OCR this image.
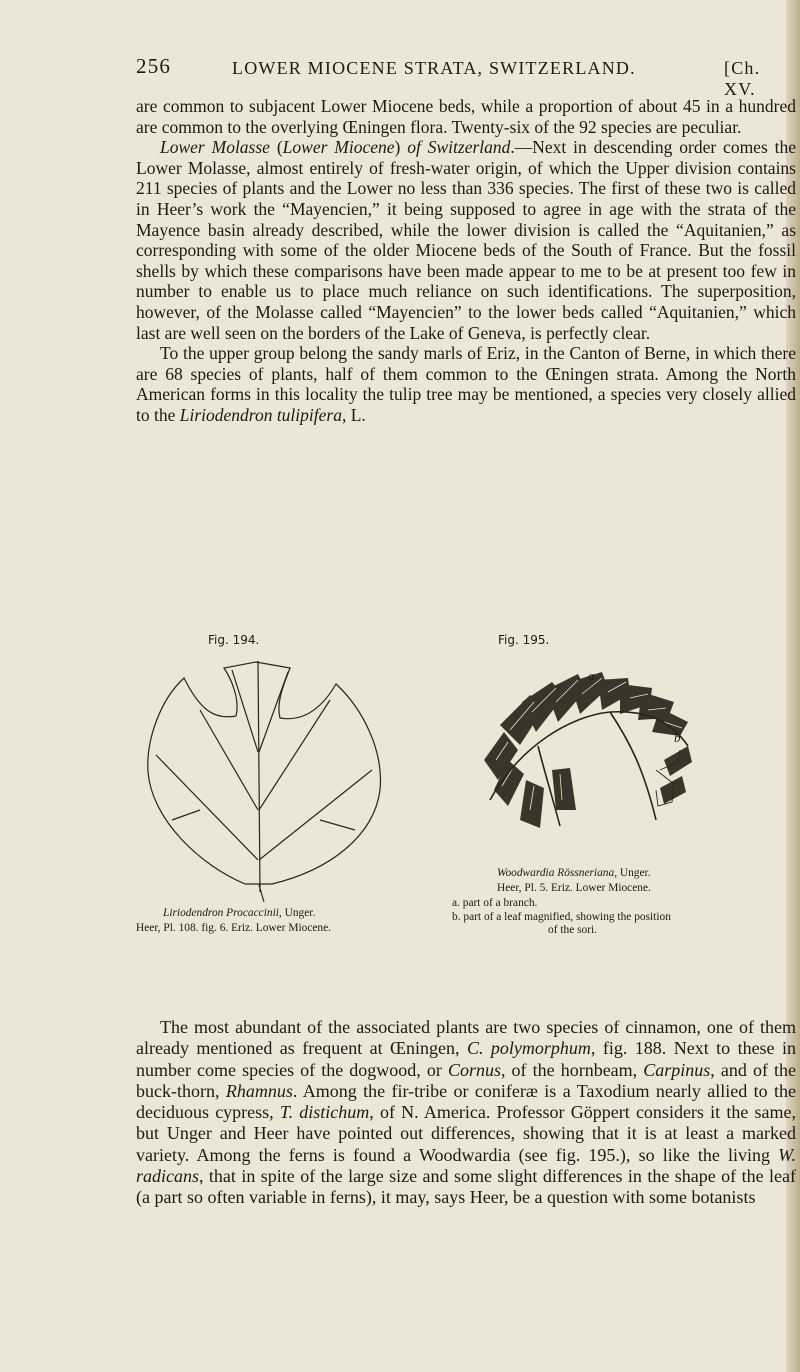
256	LOWER MIOCENE STRATA, SWITZERLAND.	[Ch. XV.

are common to subjacent Lower Miocene beds, while a proportion of about 45 in a hundred are common to the overlying Œningen flora. Twenty-six of the 92 species are peculiar.

Lower Molasse (Lower Miocene) of Switzerland.—Next in descending order comes the Lower Molasse, almost entirely of fresh-water origin, of which the Upper division contains 211 species of plants and the Lower no less than 336 species. The first of these two is called in Heer’s work the “Mayencien,” it being supposed to agree in age with the strata of the Mayence basin already described, while the lower division is called the “Aquitanien,” as corresponding with some of the older Miocene beds of the South of France. But the fossil shells by which these comparisons have been made appear to me to be at present too few in number to enable us to place much reliance on such identifications. The superposition, however, of the Molasse called “Mayencien” to the lower beds called “Aquitanien,” which last are well seen on the borders of the Lake of Geneva, is perfectly clear.

To the upper group belong the sandy marls of Eriz, in the Canton of Berne, in which there are 68 species of plants, half of them common to the Œningen strata. Among the North American forms in this locality the tulip tree may be mentioned, a species very closely allied to the Liriodendron tulipifera, L.

Fig. 194.	Fig. 195.
a
b
Liriodendron Procaccinii, Unger.
Heer, Pl. 108. fig. 6. Eriz. Lower Miocene.
Woodwardia Rössneriana, Unger.
Heer, Pl. 5. Eriz. Lower Miocene.
a. part of a branch.
b. part of a leaf magnified, showing the position
of the sori.

The most abundant of the associated plants are two species of cinnamon, one of them already mentioned as frequent at Œningen, C. polymorphum, fig. 188. Next to these in number come species of the dogwood, or Cornus, of the hornbeam, Carpinus, and of the buck-thorn, Rhamnus. Among the fir-tribe or coniferæ is a Taxodium nearly allied to the deciduous cypress, T. distichum, of N. America. Professor Göppert considers it the same, but Unger and Heer have pointed out differences, showing that it is at least a marked variety. Among the ferns is found a Woodwardia (see fig. 195.), so like the living W. radicans, that in spite of the large size and some slight differences in the shape of the leaf (a part so often variable in ferns), it may, says Heer, be a question with some botanists
